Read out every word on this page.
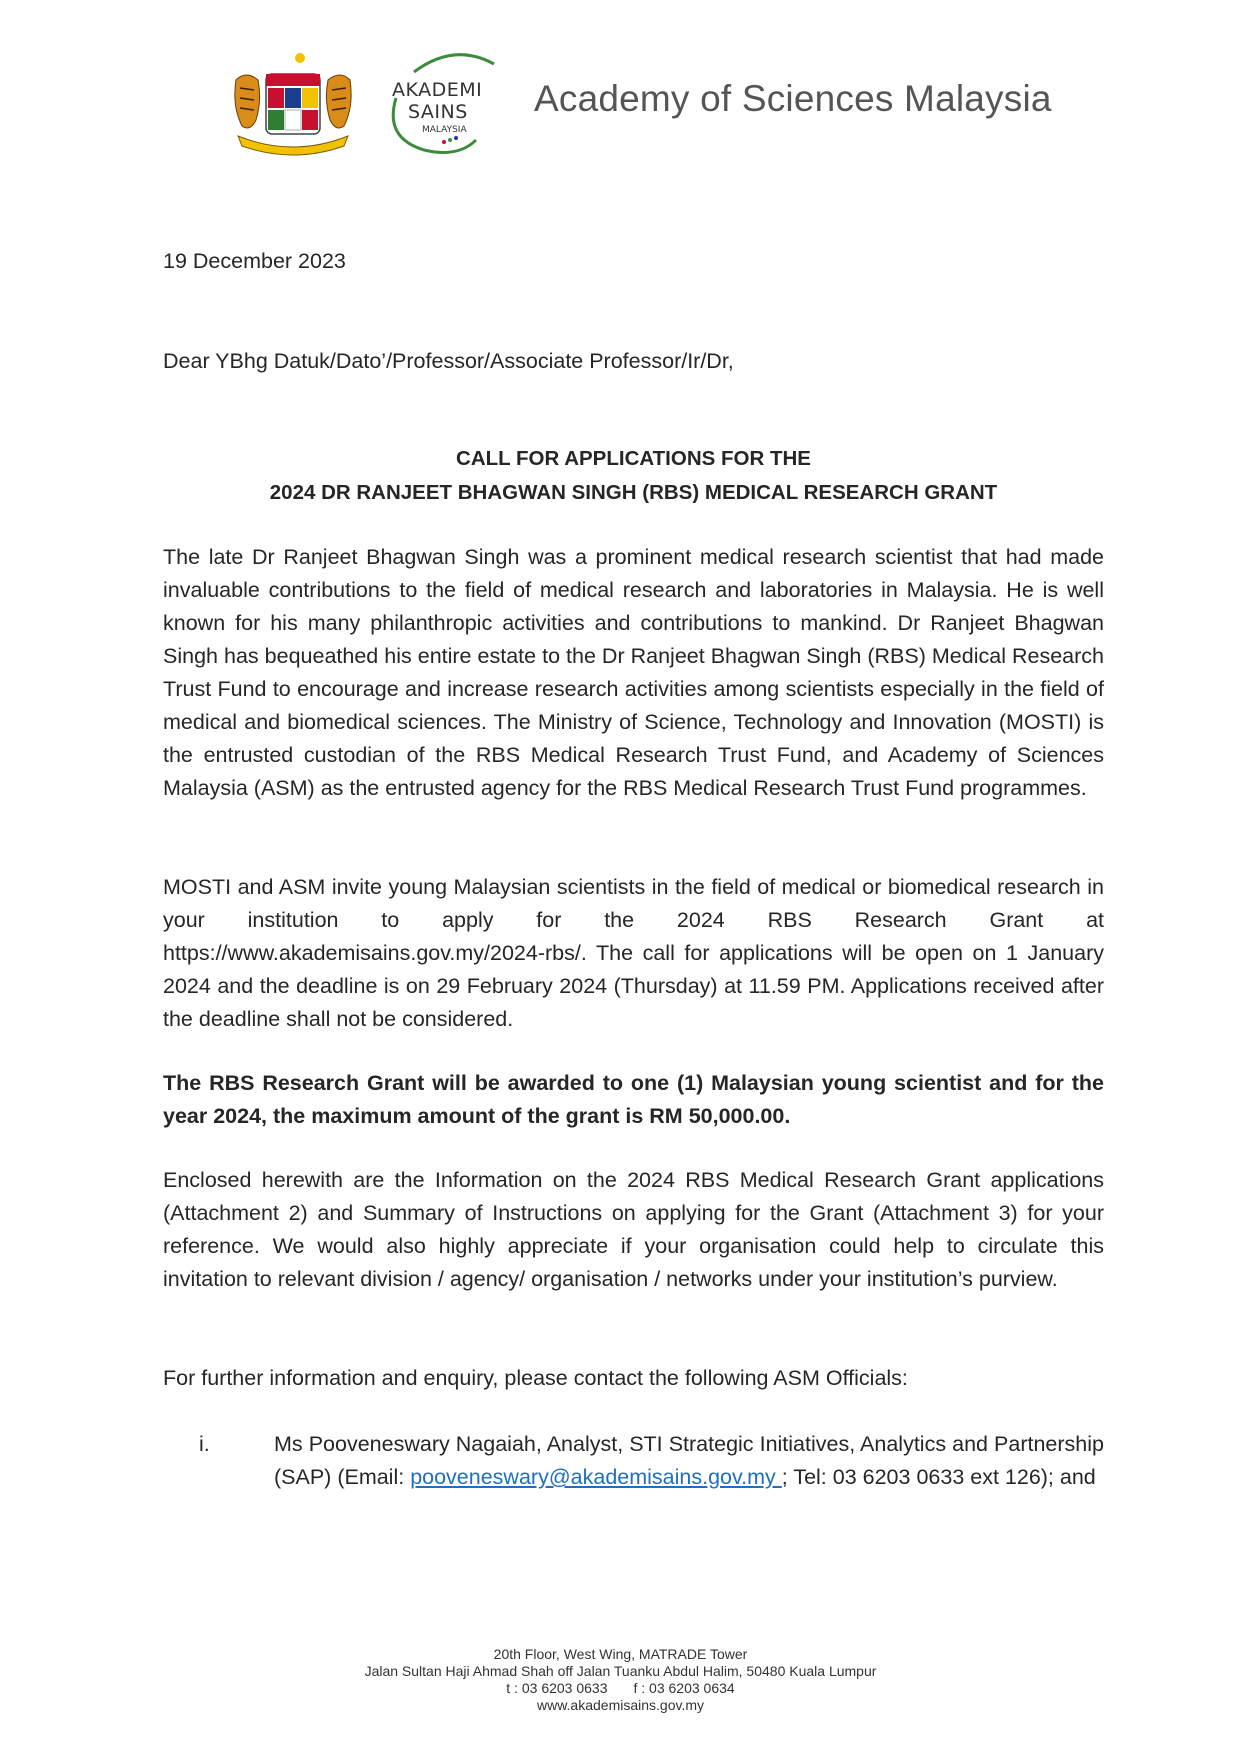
AKADEMI
SAINS
MALAYSIA
Academy of Sciences Malaysia
19 December 2023
Dear YBhg Datuk/Dato’/Professor/Associate Professor/Ir/Dr,
CALL FOR APPLICATIONS FOR THE
2024 DR RANJEET BHAGWAN SINGH (RBS) MEDICAL RESEARCH GRANT
The late Dr Ranjeet Bhagwan Singh was a prominent medical research scientist that had made invaluable contributions to the field of medical research and laboratories in Malaysia. He is well known for his many philanthropic activities and contributions to mankind. Dr Ranjeet Bhagwan Singh has bequeathed his entire estate to the Dr Ranjeet Bhagwan Singh (RBS) Medical Research Trust Fund to encourage and increase research activities among scientists especially in the field of medical and biomedical sciences. The Ministry of Science, Technology and Innovation (MOSTI) is the entrusted custodian of the RBS Medical Research Trust Fund, and Academy of Sciences Malaysia (ASM) as the entrusted agency for the RBS Medical Research Trust Fund programmes.
MOSTI and ASM invite young Malaysian scientists in the field of medical or biomedical research in your institution to apply for the 2024 RBS Research Grant at https://www.akademisains.gov.my/2024-rbs/. The call for applications will be open on 1 January 2024 and the deadline is on 29 February 2024 (Thursday) at 11.59 PM. Applications received after the deadline shall not be considered.
The RBS Research Grant will be awarded to one (1) Malaysian young scientist and for the year 2024, the maximum amount of the grant is RM 50,000.00.
Enclosed herewith are the Information on the 2024 RBS Medical Research Grant applications (Attachment 2) and Summary of Instructions on applying for the Grant (Attachment 3) for your reference. We would also highly appreciate if your organisation could help to circulate this invitation to relevant division / agency/ organisation / networks under your institution’s purview.
For further information and enquiry, please contact the following ASM Officials:
i.	Ms Pooveneswary Nagaiah, Analyst, STI Strategic Initiatives, Analytics and Partnership (SAP) (Email: pooveneswary@akademisains.gov.my ; Tel: 03 6203 0633 ext 126); and
20th Floor, West Wing, MATRADE Tower
Jalan Sultan Haji Ahmad Shah off Jalan Tuanku Abdul Halim, 50480 Kuala Lumpur
t : 03 6203 0633 f : 03 6203 0634
www.akademisains.gov.my
